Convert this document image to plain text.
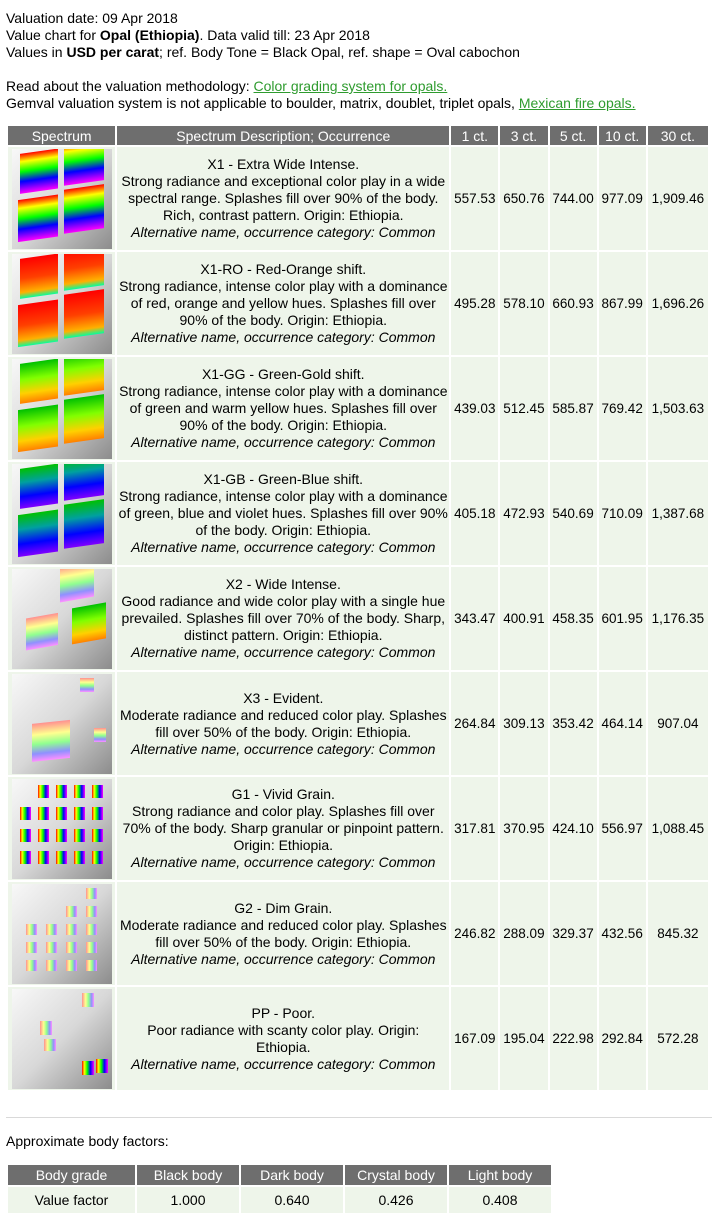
Valuation date: 09 Apr 2018
Value chart for Opal (Ethiopia). Data valid till: 23 Apr 2018
Values in USD per carat; ref. Body Tone = Black Opal, ref. shape = Oval cabochon
Read about the valuation methodology: Color grading system for opals.
Gemval valuation system is not applicable to boulder, matrix, doublet, triplet opals, Mexican fire opals.
Spectrum	Spectrum Description; Occurrence	1 ct.	3 ct.	5 ct.	10 ct.	30 ct.

X1 - Extra Wide Intense.
Strong radiance and exceptional color play in a wide spectral range. Splashes fill over 90% of the body. Rich, contrast pattern. Origin: Ethiopia.
Alternative name, occurrence category: Common	557.53	650.76	744.00	977.09	1,909.46

X1-RO - Red-Orange shift.
Strong radiance, intense color play with a dominance of red, orange and yellow hues. Splashes fill over 90% of the body. Origin: Ethiopia.
Alternative name, occurrence category: Common	495.28	578.10	660.93	867.99	1,696.26

X1-GG - Green-Gold shift.
Strong radiance, intense color play with a dominance of green and warm yellow hues. Splashes fill over 90% of the body. Origin: Ethiopia.
Alternative name, occurrence category: Common	439.03	512.45	585.87	769.42	1,503.63

X1-GB - Green-Blue shift.
Strong radiance, intense color play with a dominance of green, blue and violet hues. Splashes fill over 90% of the body. Origin: Ethiopia.
Alternative name, occurrence category: Common	405.18	472.93	540.69	710.09	1,387.68

X2 - Wide Intense.
Good radiance and wide color play with a single hue prevailed. Splashes fill over 70% of the body. Sharp, distinct pattern. Origin: Ethiopia.
Alternative name, occurrence category: Common	343.47	400.91	458.35	601.95	1,176.35

X3 - Evident.
Moderate radiance and reduced color play. Splashes fill over 50% of the body. Origin: Ethiopia.
Alternative name, occurrence category: Common	264.84	309.13	353.42	464.14	907.04

G1 - Vivid Grain.
Strong radiance and color play. Splashes fill over 70% of the body. Sharp granular or pinpoint pattern. Origin: Ethiopia.
Alternative name, occurrence category: Common	317.81	370.95	424.10	556.97	1,088.45

G2 - Dim Grain.
Moderate radiance and reduced color play. Splashes fill over 50% of the body. Origin: Ethiopia.
Alternative name, occurrence category: Common	246.82	288.09	329.37	432.56	845.32

PP - Poor.
Poor radiance with scanty color play. Origin: Ethiopia.
Alternative name, occurrence category: Common	167.09	195.04	222.98	292.84	572.28
Approximate body factors:
Body grade	Black body	Dark body	Crystal body	Light body
Value factor	1.000	0.640	0.426	0.408
